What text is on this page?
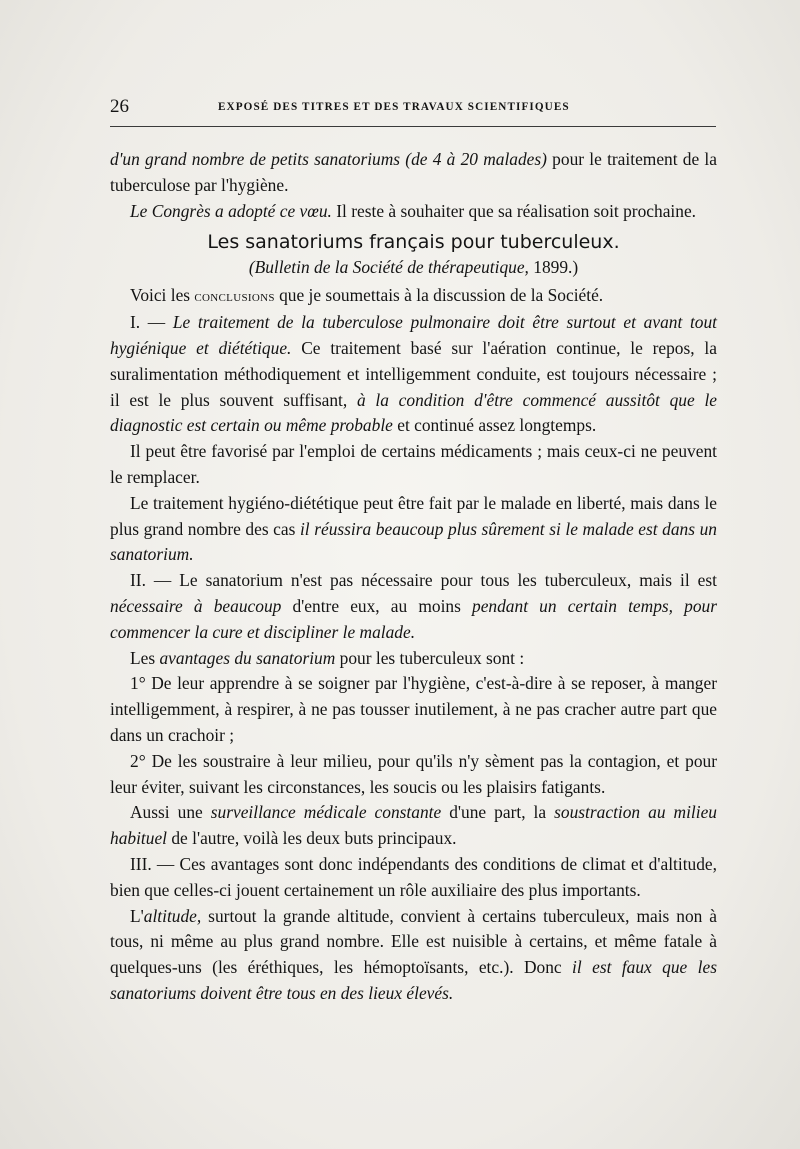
26	EXPOSÉ DES TITRES ET DES TRAVAUX SCIENTIFIQUES

d'un grand nombre de petits sanatoriums (de 4 à 20 malades) pour le traitement de la tuberculose par l'hygiène.

Le Congrès a adopté ce vœu. Il reste à souhaiter que sa réalisation soit prochaine.

Les sanatoriums français pour tuberculeux.

(Bulletin de la Société de thérapeutique, 1899.)

Voici les conclusions que je soumettais à la discussion de la Société.

I. — Le traitement de la tuberculose pulmonaire doit être surtout et avant tout hygiénique et diététique. Ce traitement basé sur l'aération continue, le repos, la suralimentation méthodiquement et intelligemment conduite, est toujours nécessaire ; il est le plus souvent suffisant, à la condition d'être commencé aussitôt que le diagnostic est certain ou même probable et continué assez longtemps.

Il peut être favorisé par l'emploi de certains médicaments ; mais ceux-ci ne peuvent le remplacer.

Le traitement hygiéno-diététique peut être fait par le malade en liberté, mais dans le plus grand nombre des cas il réussira beaucoup plus sûrement si le malade est dans un sanatorium.

II. — Le sanatorium n'est pas nécessaire pour tous les tuberculeux, mais il est nécessaire à beaucoup d'entre eux, au moins pendant un certain temps, pour commencer la cure et discipliner le malade.

Les avantages du sanatorium pour les tuberculeux sont :

1° De leur apprendre à se soigner par l'hygiène, c'est-à-dire à se reposer, à manger intelligemment, à respirer, à ne pas tousser inutilement, à ne pas cracher autre part que dans un crachoir ;

2° De les soustraire à leur milieu, pour qu'ils n'y sèment pas la contagion, et pour leur éviter, suivant les circonstances, les soucis ou les plaisirs fatigants.

Aussi une surveillance médicale constante d'une part, la soustraction au milieu habituel de l'autre, voilà les deux buts principaux.

III. — Ces avantages sont donc indépendants des conditions de climat et d'altitude, bien que celles-ci jouent certainement un rôle auxiliaire des plus importants.

L'altitude, surtout la grande altitude, convient à certains tuberculeux, mais non à tous, ni même au plus grand nombre. Elle est nuisible à certains, et même fatale à quelques-uns (les éréthiques, les hémoptoïsants, etc.). Donc il est faux que les sanatoriums doivent être tous en des lieux élevés.
